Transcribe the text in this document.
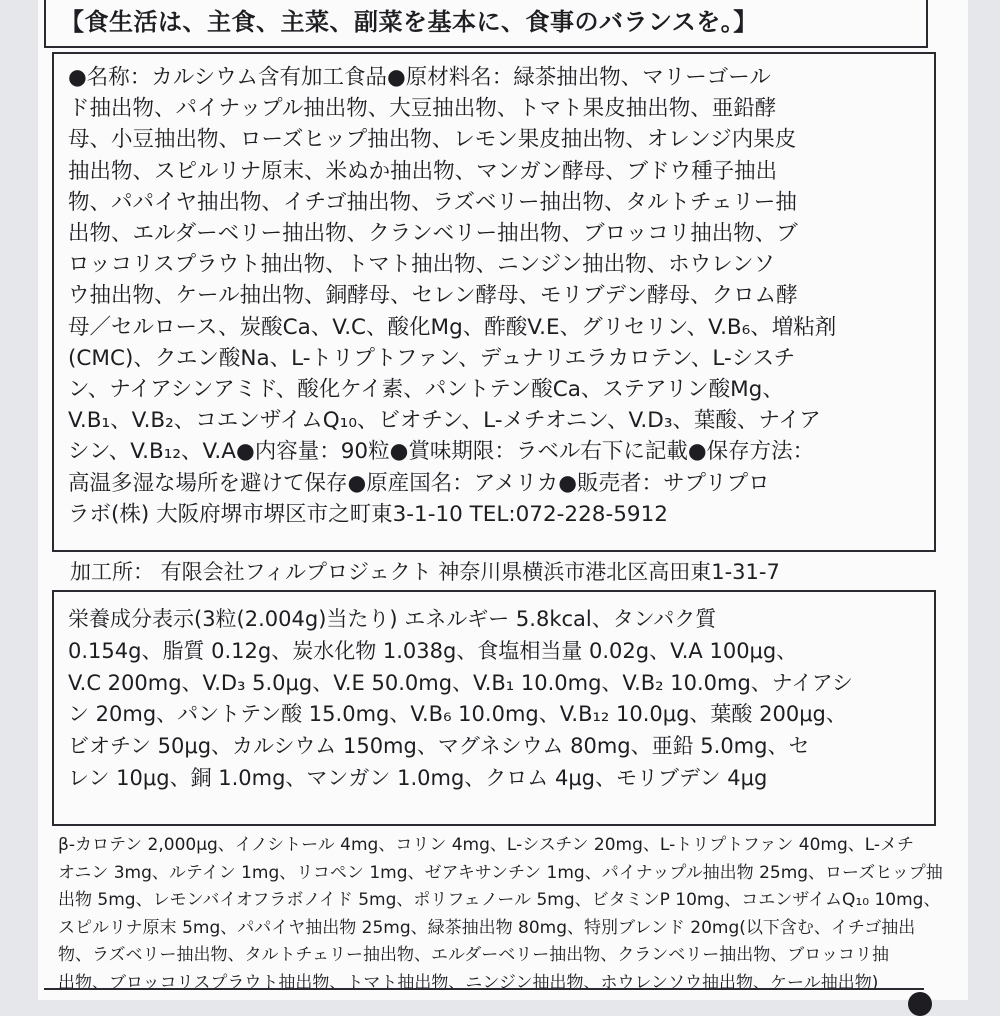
【食生活は、主食、主菜、副菜を基本に、食事のバランスを。】
●名称：カルシウム含有加工食品●原材料名：緑茶抽出物、マリーゴール
ド抽出物、パイナップル抽出物、大豆抽出物、トマト果皮抽出物、亜鉛酵
母、小豆抽出物、ローズヒップ抽出物、レモン果皮抽出物、オレンジ内果皮
抽出物、スピルリナ原末、米ぬか抽出物、マンガン酵母、ブドウ種子抽出
物、パパイヤ抽出物、イチゴ抽出物、ラズベリー抽出物、タルトチェリー抽
出物、エルダーベリー抽出物、クランベリー抽出物、ブロッコリ抽出物、ブ
ロッコリスプラウト抽出物、トマト抽出物、ニンジン抽出物、ホウレンソ
ウ抽出物、ケール抽出物、銅酵母、セレン酵母、モリブデン酵母、クロム酵
母／セルロース、炭酸Ca、V.C、酸化Mg、酢酸V.E、グリセリン、V.B₆、増粘剤
(CMC)、クエン酸Na、L-トリプトファン、デュナリエラカロテン、L-シスチ
ン、ナイアシンアミド、酸化ケイ素、パントテン酸Ca、ステアリン酸Mg、
V.B₁、V.B₂、コエンザイムQ₁₀、ビオチン、L-メチオニン、V.D₃、葉酸、ナイア
シン、V.B₁₂、V.A●内容量：90粒●賞味期限：ラベル右下に記載●保存方法：
高温多湿な場所を避けて保存●原産国名：アメリカ●販売者：サプリプロ
ラボ(株) 大阪府堺市堺区市之町東3-1-10 TEL:072-228-5912
加工所： 有限会社フィルプロジェクト 神奈川県横浜市港北区高田東1-31-7
栄養成分表示(3粒(2.004g)当たり) エネルギー 5.8kcal、タンパク質
0.154g、脂質 0.12g、炭水化物 1.038g、食塩相当量 0.02g、V.A 100μg、
V.C 200mg、V.D₃ 5.0μg、V.E 50.0mg、V.B₁ 10.0mg、V.B₂ 10.0mg、ナイアシ
ン 20mg、パントテン酸 15.0mg、V.B₆ 10.0mg、V.B₁₂ 10.0μg、葉酸 200μg、
ビオチン 50μg、カルシウム 150mg、マグネシウム 80mg、亜鉛 5.0mg、セ
レン 10μg、銅 1.0mg、マンガン 1.0mg、クロム 4μg、モリブデン 4μg
β-カロテン 2,000μg、イノシトール 4mg、コリン 4mg、L-シスチン 20mg、L-トリプトファン 40mg、L-メチ
オニン 3mg、ルテイン 1mg、リコペン 1mg、ゼアキサンチン 1mg、パイナップル抽出物 25mg、ローズヒップ抽
出物 5mg、レモンバイオフラボノイド 5mg、ポリフェノール 5mg、ビタミンP 10mg、コエンザイムQ₁₀ 10mg、
スピルリナ原末 5mg、パパイヤ抽出物 25mg、緑茶抽出物 80mg、特別ブレンド 20mg(以下含む、イチゴ抽出
物、ラズベリー抽出物、タルトチェリー抽出物、エルダーベリー抽出物、クランベリー抽出物、ブロッコリ抽
出物、ブロッコリスプラウト抽出物、トマト抽出物、ニンジン抽出物、ホウレンソウ抽出物、ケール抽出物)
